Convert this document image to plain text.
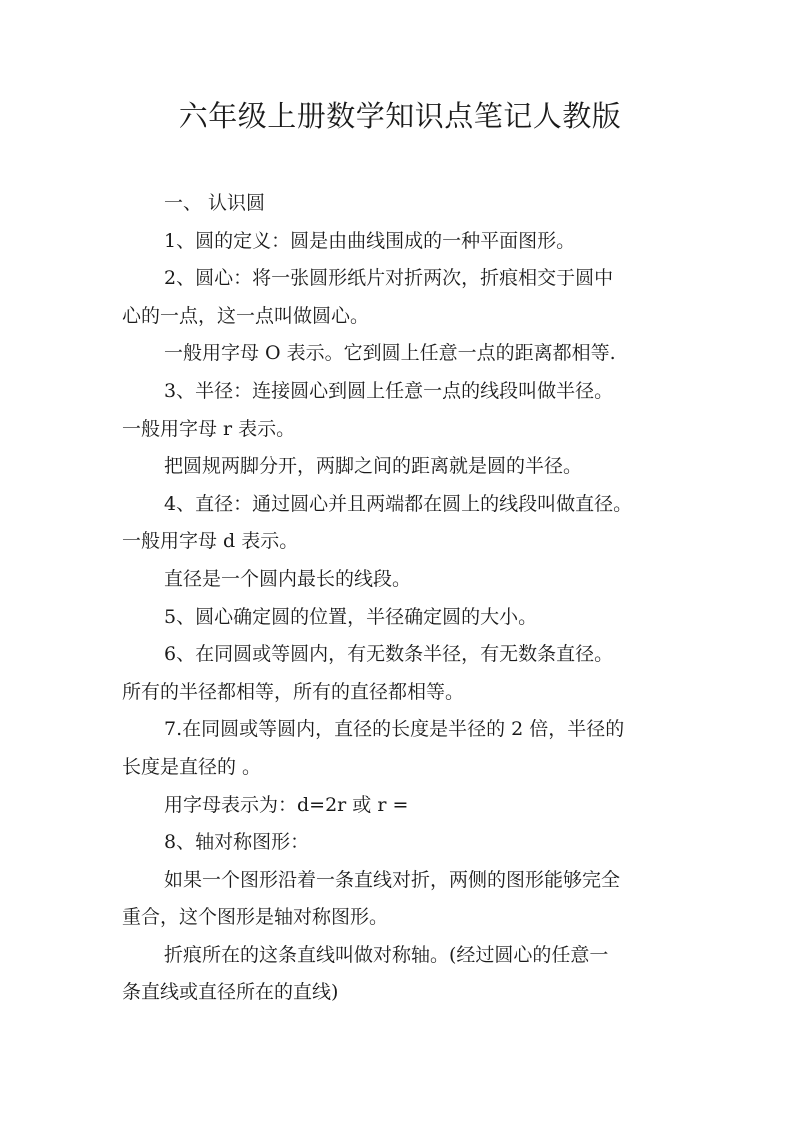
六年级上册数学知识点笔记人教版
一、 认识圆
1、圆的定义：圆是由曲线围成的一种平面图形。
2、圆心：将一张圆形纸片对折两次，折痕相交于圆中
心的一点，这一点叫做圆心。
一般用字母 O 表示。它到圆上任意一点的距离都相等.
3、半径：连接圆心到圆上任意一点的线段叫做半径。
一般用字母 r 表示。
把圆规两脚分开，两脚之间的距离就是圆的半径。
4、直径：通过圆心并且两端都在圆上的线段叫做直径。
一般用字母 d 表示。
直径是一个圆内最长的线段。
5、圆心确定圆的位置，半径确定圆的大小。
6、在同圆或等圆内，有无数条半径，有无数条直径。
所有的半径都相等，所有的直径都相等。
7.在同圆或等圆内，直径的长度是半径的 2 倍，半径的
长度是直径的 。
用字母表示为：d=2r 或 r =
8、轴对称图形：
如果一个图形沿着一条直线对折，两侧的图形能够完全
重合，这个图形是轴对称图形。
折痕所在的这条直线叫做对称轴。(经过圆心的任意一
条直线或直径所在的直线)
